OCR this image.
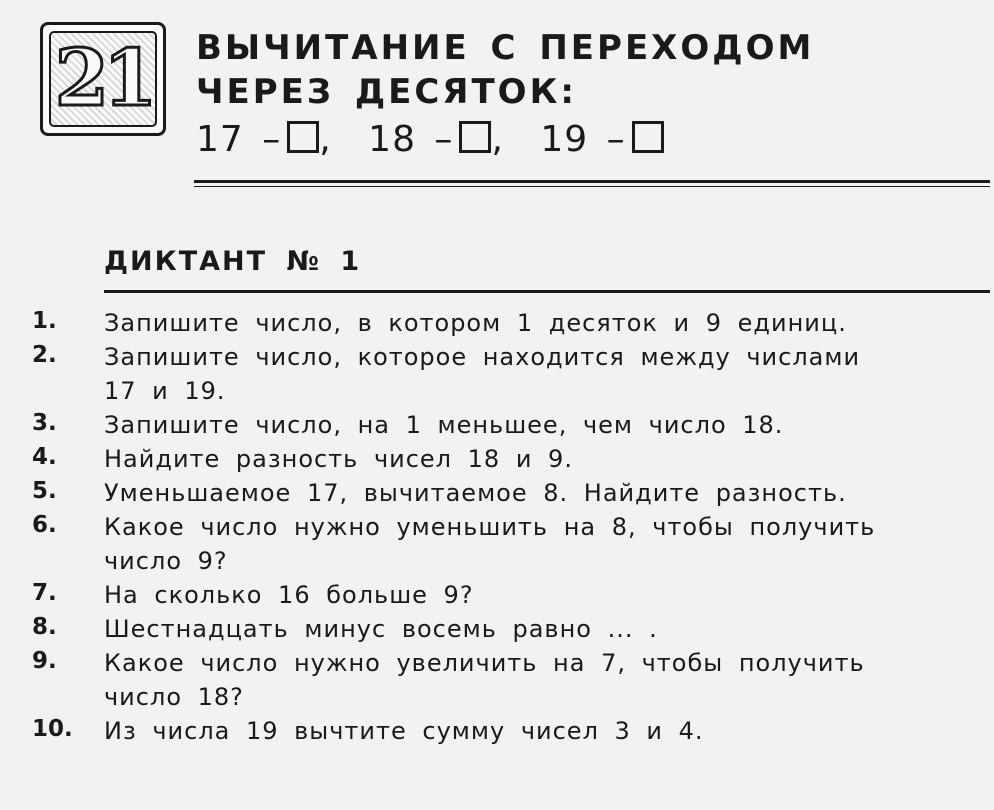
21 ВЫЧИТАНИЕ С ПЕРЕХОДОМ
ЧЕРЕЗ ДЕСЯТОК:
17 – , 18 – , 19 –
ДИКТАНТ № 1
1.	Запишите число, в котором 1 десяток и 9 единиц.
2.	Запишите число, которое находится между числами
17 и 19.
3.	Запишите число, на 1 меньшее, чем число 18.
4.	Найдите разность чисел 18 и 9.
5.	Уменьшаемое 17, вычитаемое 8. Найдите разность.
6.	Какое число нужно уменьшить на 8, чтобы получить
число 9?
7.	На сколько 16 больше 9?
8.	Шестнадцать минус восемь равно ... .
9.	Какое число нужно увеличить на 7, чтобы получить
число 18?
10. Из числа 19 вычтите сумму чисел 3 и 4.
